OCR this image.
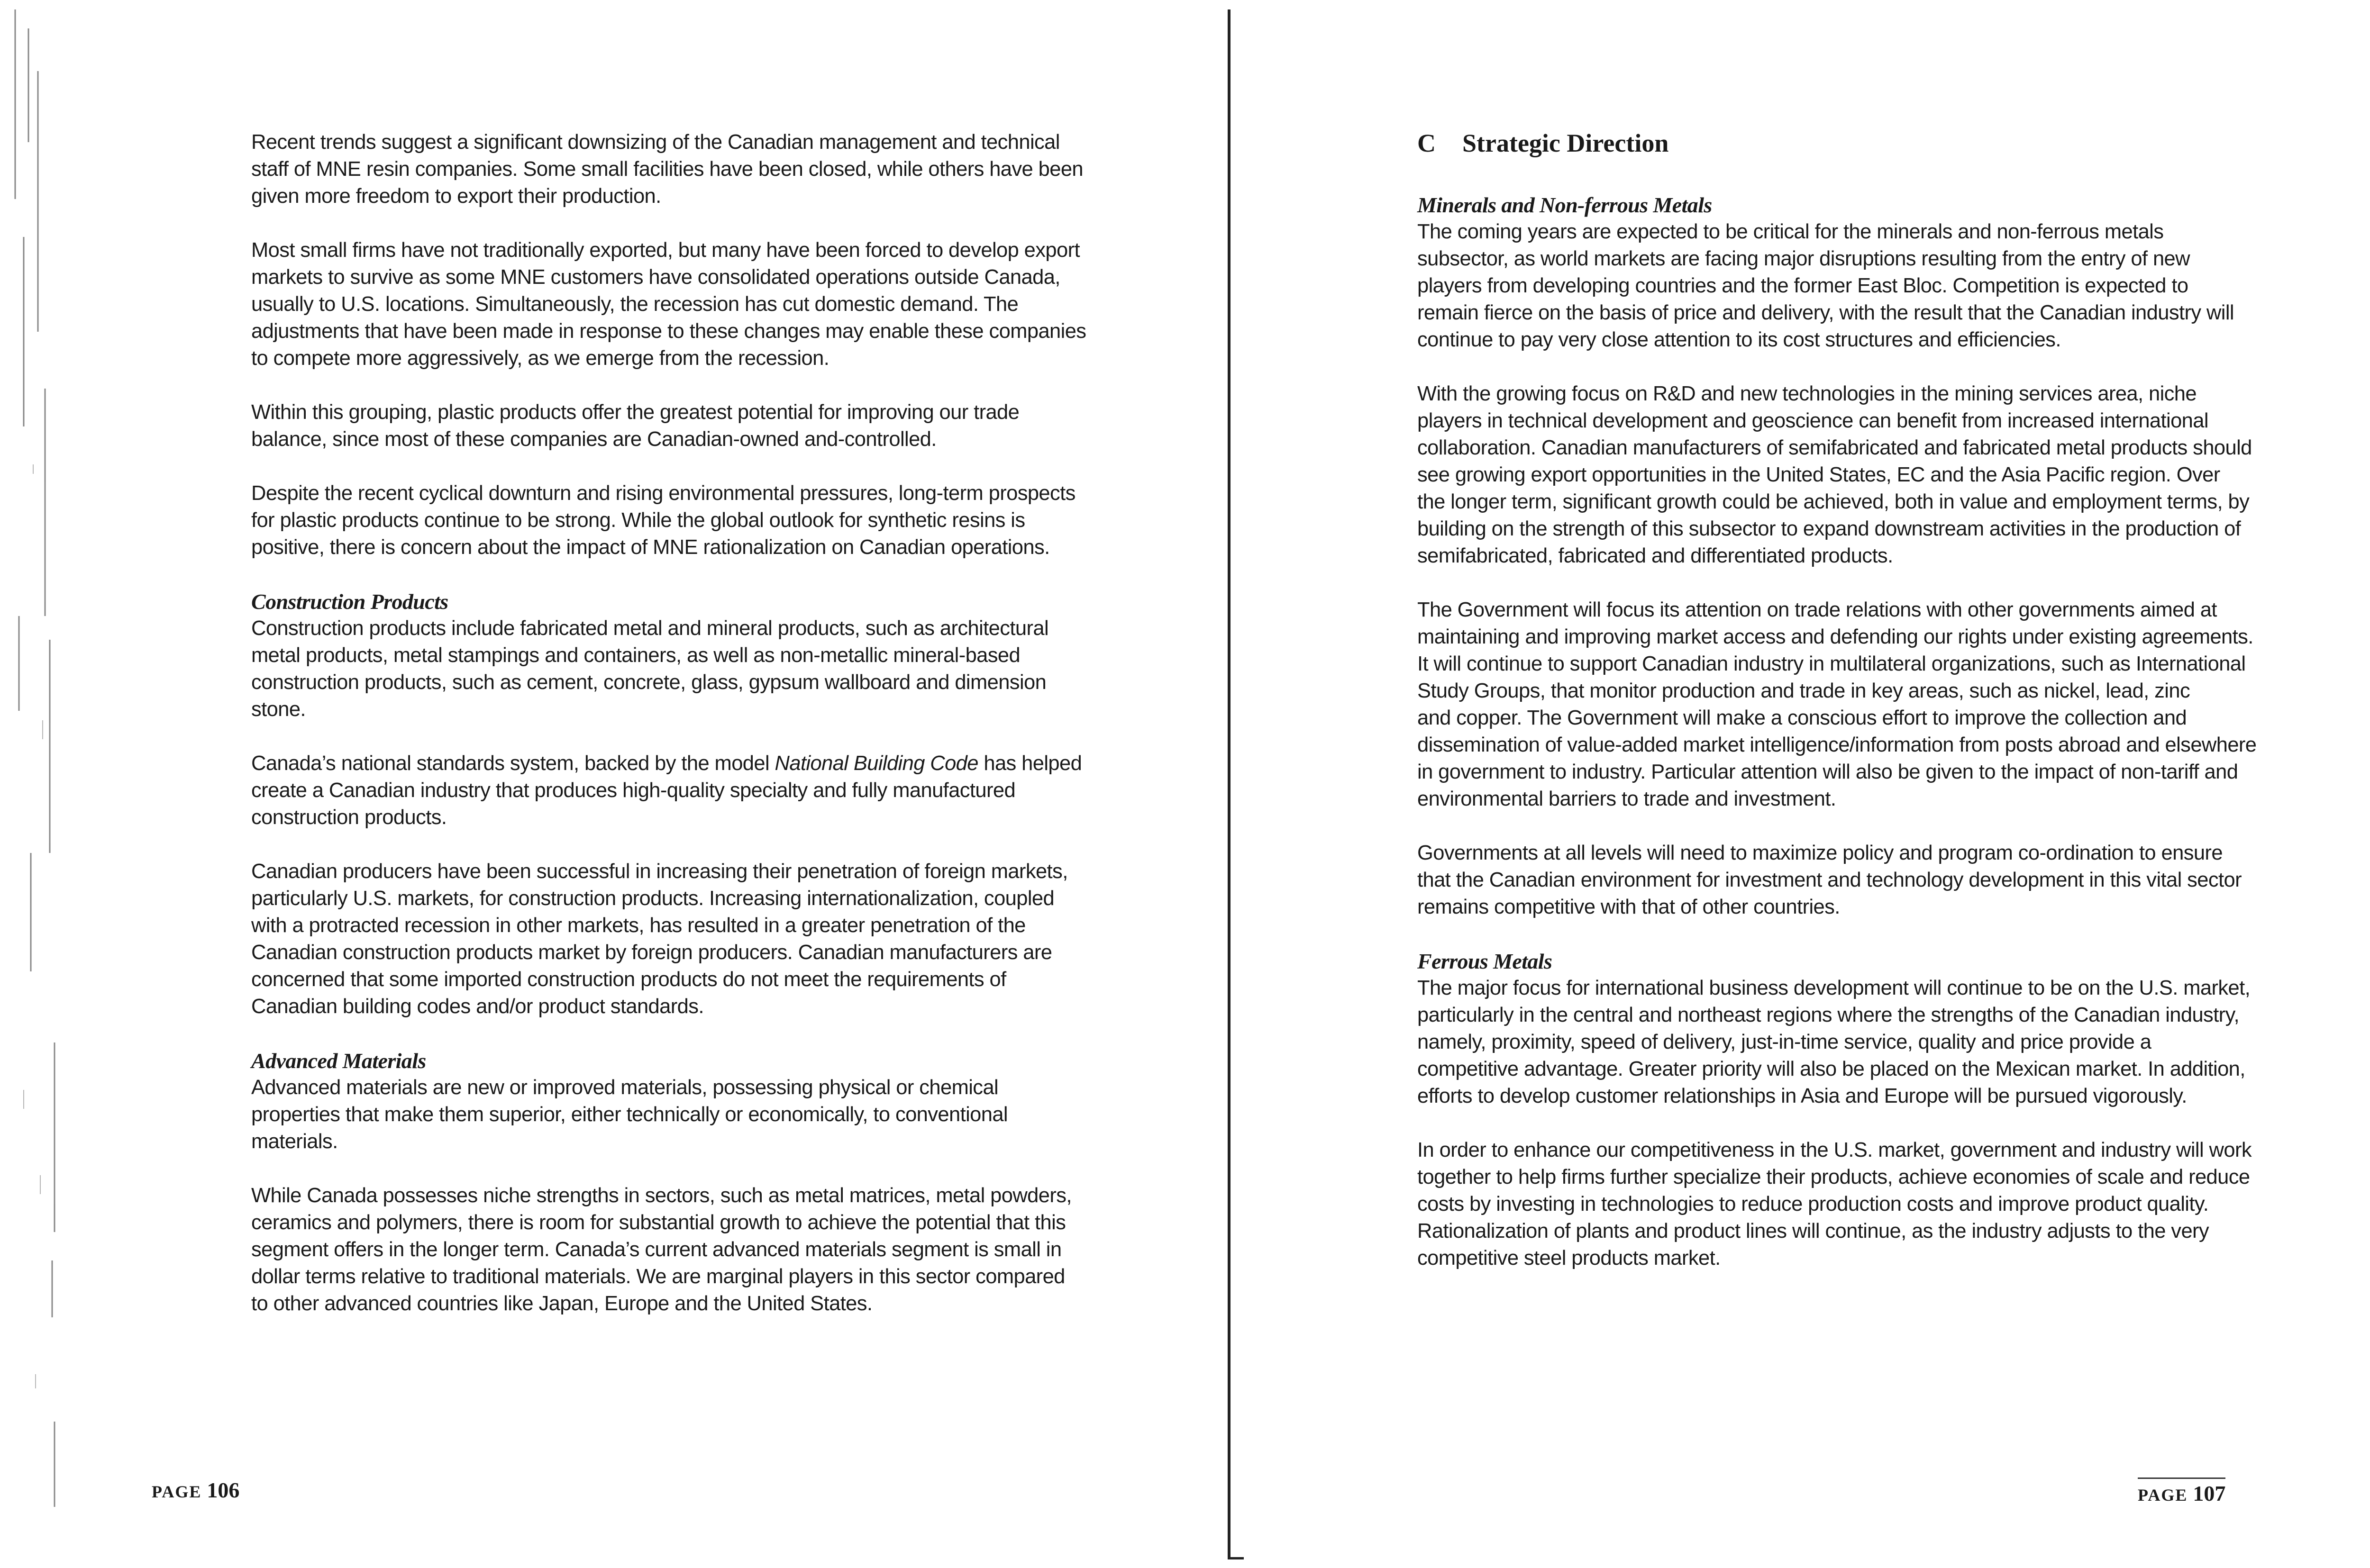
Recent trends suggest a significant downsizing of the Canadian management and technical
staff of MNE resin companies. Some small facilities have been closed, while others have been
given more freedom to export their production.

Most small firms have not traditionally exported, but many have been forced to develop export
markets to survive as some MNE customers have consolidated operations outside Canada,
usually to U.S. locations. Simultaneously, the recession has cut domestic demand. The
adjustments that have been made in response to these changes may enable these companies
to compete more aggressively, as we emerge from the recession.

Within this grouping, plastic products offer the greatest potential for improving our trade
balance, since most of these companies are Canadian-owned and-controlled.

Despite the recent cyclical downturn and rising environmental pressures, long-term prospects
for plastic products continue to be strong. While the global outlook for synthetic resins is
positive, there is concern about the impact of MNE rationalization on Canadian operations.

Construction Products
Construction products include fabricated metal and mineral products, such as architectural
metal products, metal stampings and containers, as well as non-metallic mineral-based
construction products, such as cement, concrete, glass, gypsum wallboard and dimension
stone.

Canada’s national standards system, backed by the model National Building Code has helped
create a Canadian industry that produces high-quality specialty and fully manufactured
construction products.

Canadian producers have been successful in increasing their penetration of foreign markets,
particularly U.S. markets, for construction products. Increasing internationalization, coupled
with a protracted recession in other markets, has resulted in a greater penetration of the
Canadian construction products market by foreign producers. Canadian manufacturers are
concerned that some imported construction products do not meet the requirements of
Canadian building codes and/or product standards.

Advanced Materials
Advanced materials are new or improved materials, possessing physical or chemical
properties that make them superior, either technically or economically, to conventional
materials.

While Canada possesses niche strengths in sectors, such as metal matrices, metal powders,
ceramics and polymers, there is room for substantial growth to achieve the potential that this
segment offers in the longer term. Canada’s current advanced materials segment is small in
dollar terms relative to traditional materials. We are marginal players in this sector compared
to other advanced countries like Japan, Europe and the United States.

PAGE 106
C Strategic Direction

Minerals and Non-ferrous Metals
The coming years are expected to be critical for the minerals and non-ferrous metals
subsector, as world markets are facing major disruptions resulting from the entry of new
players from developing countries and the former East Bloc. Competition is expected to
remain fierce on the basis of price and delivery, with the result that the Canadian industry will
continue to pay very close attention to its cost structures and efficiencies.

With the growing focus on R&D and new technologies in the mining services area, niche
players in technical development and geoscience can benefit from increased international
collaboration. Canadian manufacturers of semifabricated and fabricated metal products should
see growing export opportunities in the United States, EC and the Asia Pacific region. Over
the longer term, significant growth could be achieved, both in value and employment terms, by
building on the strength of this subsector to expand downstream activities in the production of
semifabricated, fabricated and differentiated products.

The Government will focus its attention on trade relations with other governments aimed at
maintaining and improving market access and defending our rights under existing agreements.
It will continue to support Canadian industry in multilateral organizations, such as International
Study Groups, that monitor production and trade in key areas, such as nickel, lead, zinc
and copper. The Government will make a conscious effort to improve the collection and
dissemination of value-added market intelligence/information from posts abroad and elsewhere
in government to industry. Particular attention will also be given to the impact of non-tariff and
environmental barriers to trade and investment.

Governments at all levels will need to maximize policy and program co-ordination to ensure
that the Canadian environment for investment and technology development in this vital sector
remains competitive with that of other countries.

Ferrous Metals
The major focus for international business development will continue to be on the U.S. market,
particularly in the central and northeast regions where the strengths of the Canadian industry,
namely, proximity, speed of delivery, just-in-time service, quality and price provide a
competitive advantage. Greater priority will also be placed on the Mexican market. In addition,
efforts to develop customer relationships in Asia and Europe will be pursued vigorously.

In order to enhance our competitiveness in the U.S. market, government and industry will work
together to help firms further specialize their products, achieve economies of scale and reduce
costs by investing in technologies to reduce production costs and improve product quality.
Rationalization of plants and product lines will continue, as the industry adjusts to the very
competitive steel products market.

PAGE 107
